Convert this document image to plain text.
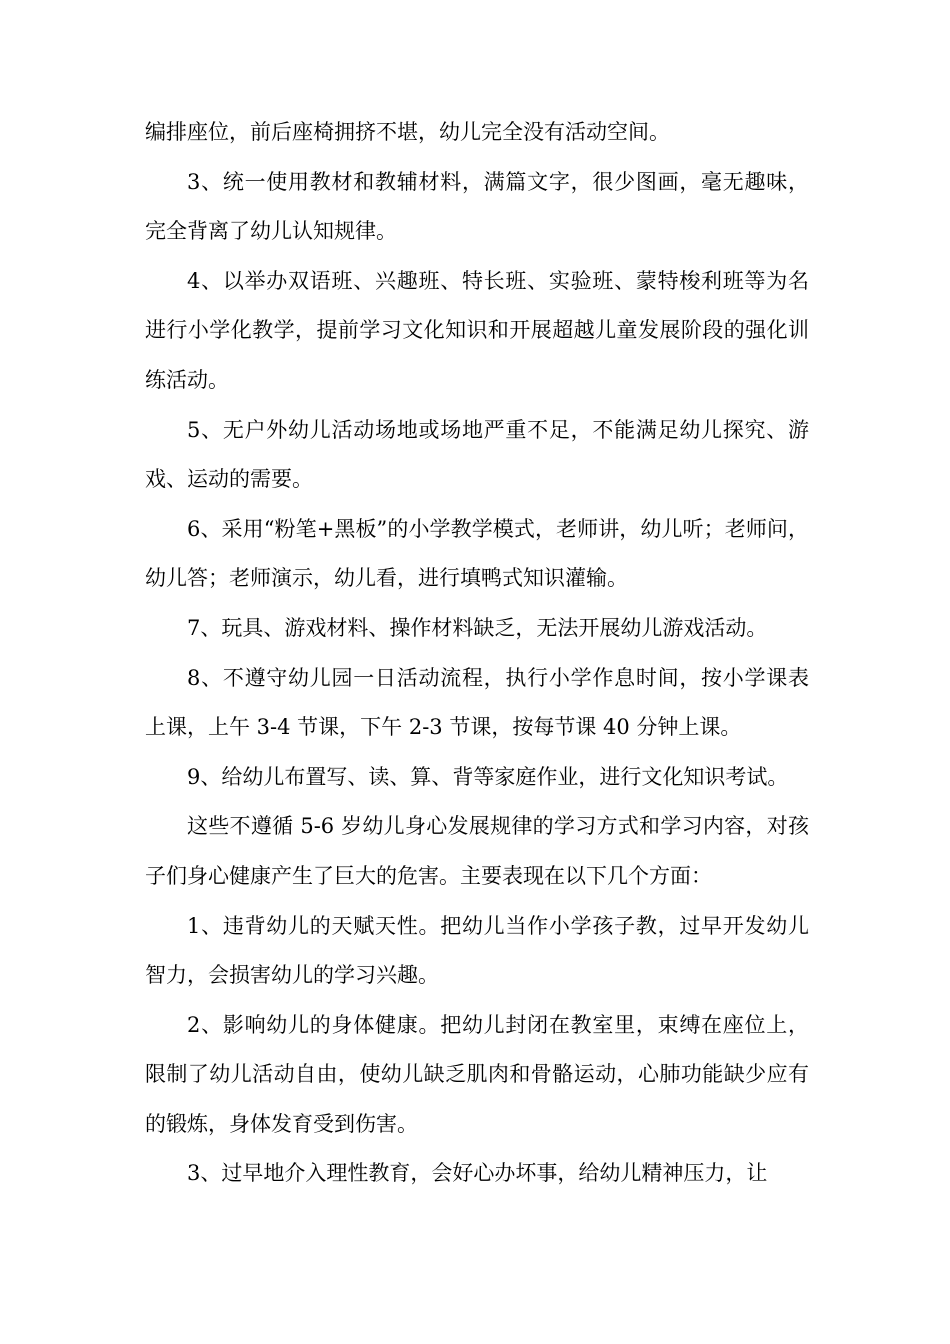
编排座位，前后座椅拥挤不堪，幼儿完全没有活动空间。

3、统一使用教材和教辅材料，满篇文字，很少图画，毫无趣味，完全背离了幼儿认知规律。

4、以举办双语班、兴趣班、特长班、实验班、蒙特梭利班等为名进行小学化教学，提前学习文化知识和开展超越儿童发展阶段的强化训练活动。

5、无户外幼儿活动场地或场地严重不足，不能满足幼儿探究、游戏、运动的需要。

6、采用“粉笔+黑板”的小学教学模式，老师讲，幼儿听；老师问，幼儿答；老师演示，幼儿看，进行填鸭式知识灌输。

7、玩具、游戏材料、操作材料缺乏，无法开展幼儿游戏活动。

8、不遵守幼儿园一日活动流程，执行小学作息时间，按小学课表上课，上午 3-4 节课，下午 2-3 节课，按每节课 40 分钟上课。

9、给幼儿布置写、读、算、背等家庭作业，进行文化知识考试。

这些不遵循 5-6 岁幼儿身心发展规律的学习方式和学习内容，对孩子们身心健康产生了巨大的危害。主要表现在以下几个方面：

1、违背幼儿的天赋天性。把幼儿当作小学孩子教，过早开发幼儿智力，会损害幼儿的学习兴趣。

2、影响幼儿的身体健康。把幼儿封闭在教室里，束缚在座位上，限制了幼儿活动自由，使幼儿缺乏肌肉和骨骼运动，心肺功能缺少应有的锻炼，身体发育受到伤害。

3、过早地介入理性教育，会好心办坏事，给幼儿精神压力，让
